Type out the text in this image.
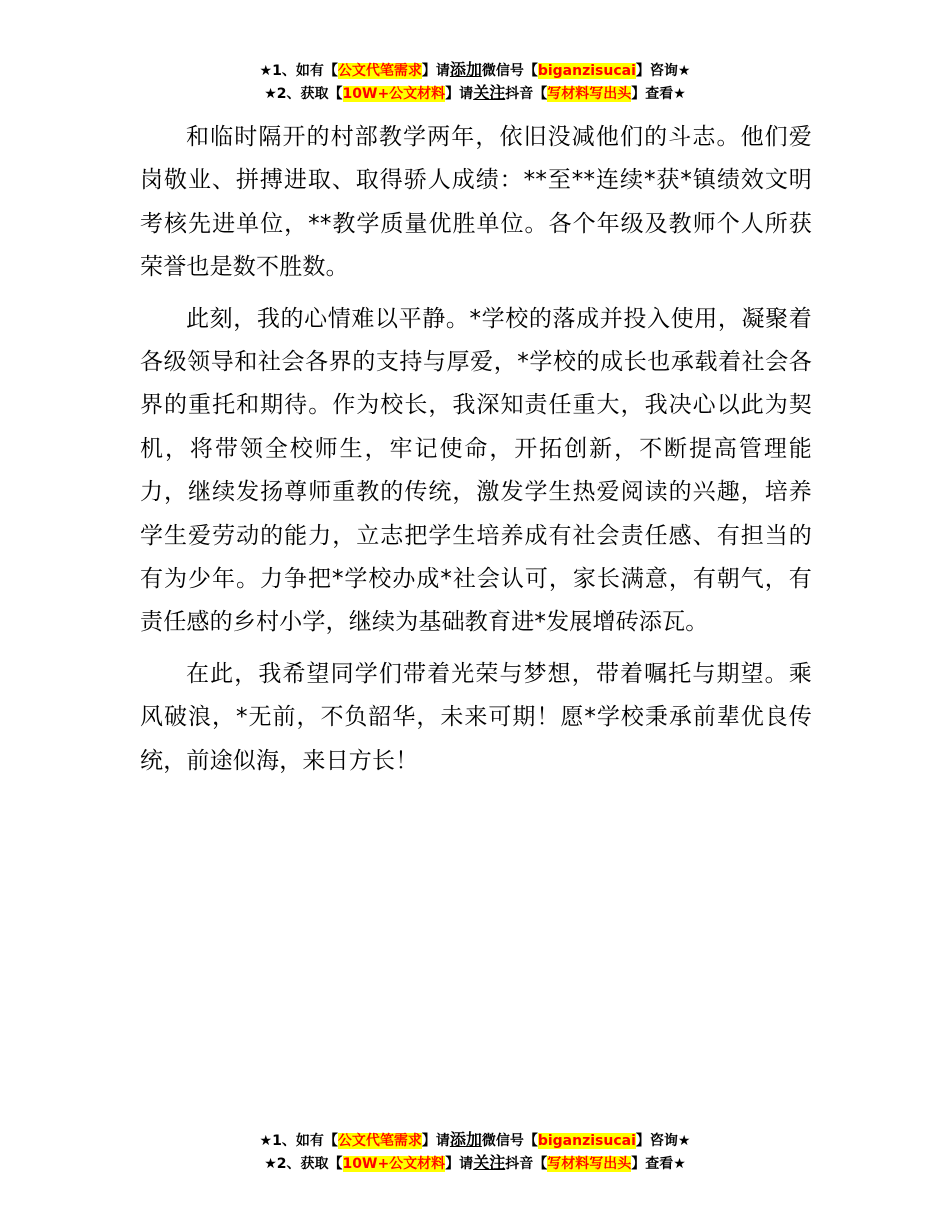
★1、如有【公文代笔需求】请添加微信号【biganzisucai】咨询★
★2、获取【10W+公文材料】请关注抖音【写材料写出头】查看★

和临时隔开的村部教学两年，依旧没减他们的斗志。他们爱岗敬业、拼搏进取、取得骄人成绩：**至**连续*获*镇绩效文明考核先进单位，**教学质量优胜单位。各个年级及教师个人所获荣誉也是数不胜数。

此刻，我的心情难以平静。*学校的落成并投入使用，凝聚着各级领导和社会各界的支持与厚爱，*学校的成长也承载着社会各界的重托和期待。作为校长，我深知责任重大，我决心以此为契机，将带领全校师生，牢记使命，开拓创新，不断提高管理能力，继续发扬尊师重教的传统，激发学生热爱阅读的兴趣，培养学生爱劳动的能力，立志把学生培养成有社会责任感、有担当的有为少年。力争把*学校办成*社会认可，家长满意，有朝气，有责任感的乡村小学，继续为基础教育进*发展增砖添瓦。

在此，我希望同学们带着光荣与梦想，带着嘱托与期望。乘风破浪，*无前，不负韶华，未来可期！愿*学校秉承前辈优良传统，前途似海，来日方长！

★1、如有【公文代笔需求】请添加微信号【biganzisucai】咨询★
★2、获取【10W+公文材料】请关注抖音【写材料写出头】查看★
